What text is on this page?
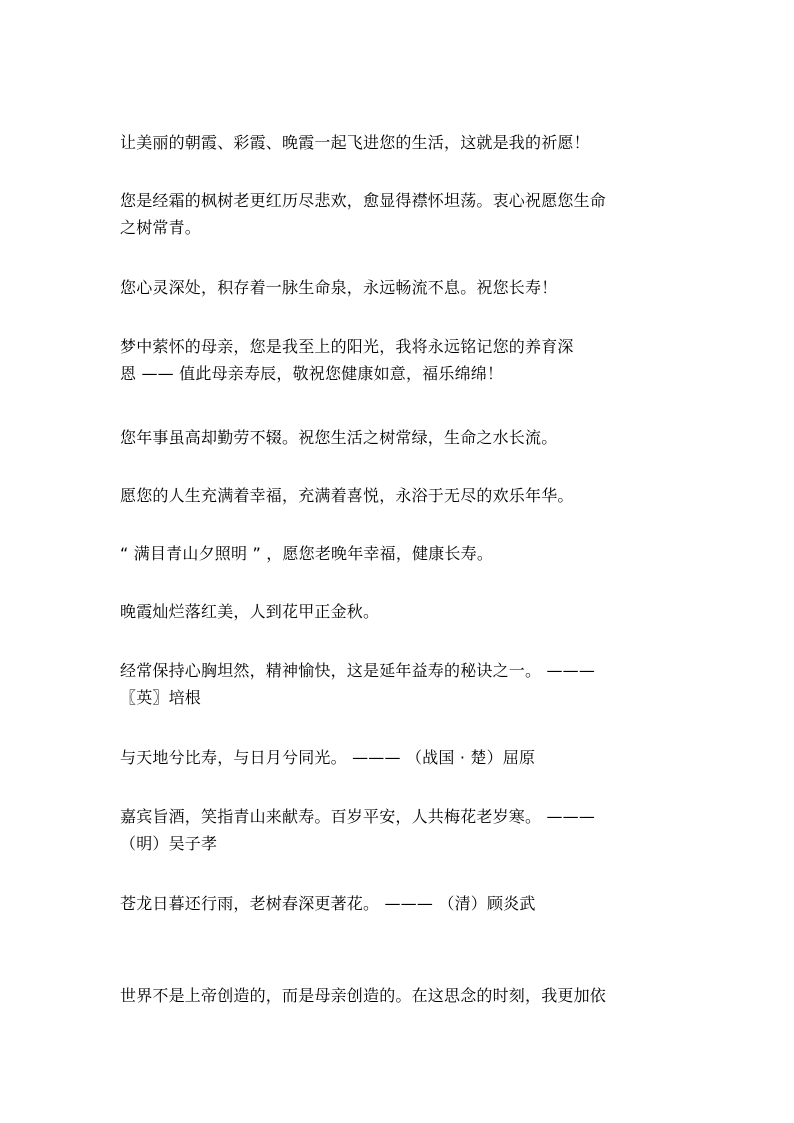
让美丽的朝霞、彩霞、晚霞一起飞进您的生活，这就是我的祈愿！

您是经霜的枫树老更红历尽悲欢，愈显得襟怀坦荡。衷心祝愿您生命
之树常青。

您心灵深处，积存着一脉生命泉，永远畅流不息。祝您长寿！

梦中萦怀的母亲，您是我至上的阳光，我将永远铭记您的养育深
恩 —— 值此母亲寿辰，敬祝您健康如意，福乐绵绵！

您年事虽高却勤劳不辍。祝您生活之树常绿，生命之水长流。

愿您的人生充满着幸福，充满着喜悦，永浴于无尽的欢乐年华。

“ 满目青山夕照明 ” ，愿您老晚年幸福，健康长寿。

晚霞灿烂落红美，人到花甲正金秋。

经常保持心胸坦然，精神愉快，这是延年益寿的秘诀之一。 ———
〖英〗培根

与天地兮比寿，与日月兮同光。 ——— （战国 · 楚）屈原

嘉宾旨酒，笑指青山来献寿。百岁平安，人共梅花老岁寒。 ———
（明）吴子孝

苍龙日暮还行雨，老树春深更著花。 ——— （清）顾炎武

世界不是上帝创造的，而是母亲创造的。在这思念的时刻，我更加依
